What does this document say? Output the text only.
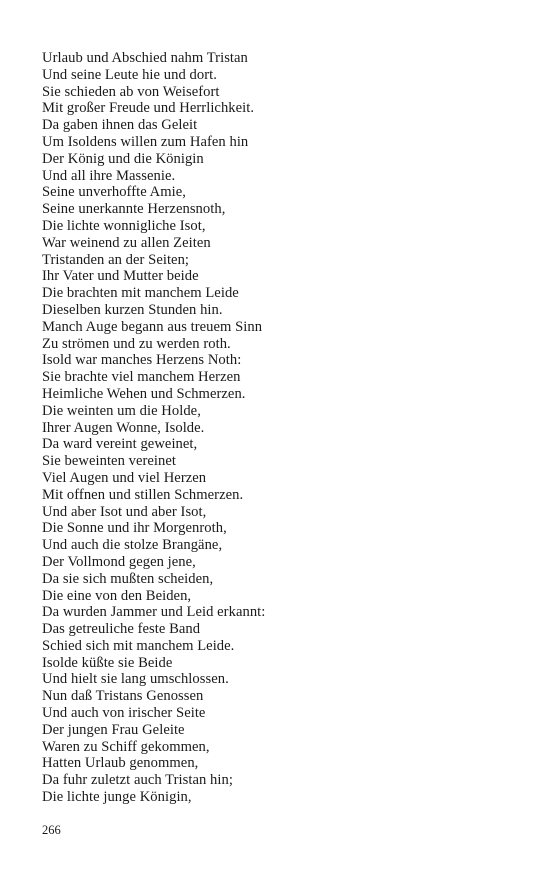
Urlaub und Abschied nahm Tristan
Und seine Leute hie und dort.
Sie schieden ab von Weisefort
Mit großer Freude und Herrlichkeit.
Da gaben ihnen das Geleit
Um Isoldens willen zum Hafen hin
Der König und die Königin
Und all ihre Massenie.
Seine unverhoffte Amie,
Seine unerkannte Herzensnoth,
Die lichte wonnigliche Isot,
War weinend zu allen Zeiten
Tristanden an der Seiten;
Ihr Vater und Mutter beide
Die brachten mit manchem Leide
Dieselben kurzen Stunden hin.
Manch Auge begann aus treuem Sinn
Zu strömen und zu werden roth.
Isold war manches Herzens Noth:
Sie brachte viel manchem Herzen
Heimliche Wehen und Schmerzen.
Die weinten um die Holde,
Ihrer Augen Wonne, Isolde.
Da ward vereint geweinet,
Sie beweinten vereinet
Viel Augen und viel Herzen
Mit offnen und stillen Schmerzen.
Und aber Isot und aber Isot,
Die Sonne und ihr Morgenroth,
Und auch die stolze Brangäne,
Der Vollmond gegen jene,
Da sie sich mußten scheiden,
Die eine von den Beiden,
Da wurden Jammer und Leid erkannt:
Das getreuliche feste Band
Schied sich mit manchem Leide.
Isolde küßte sie Beide
Und hielt sie lang umschlossen.
Nun daß Tristans Genossen
Und auch von irischer Seite
Der jungen Frau Geleite
Waren zu Schiff gekommen,
Hatten Urlaub genommen,
Da fuhr zuletzt auch Tristan hin;
Die lichte junge Königin,
266
